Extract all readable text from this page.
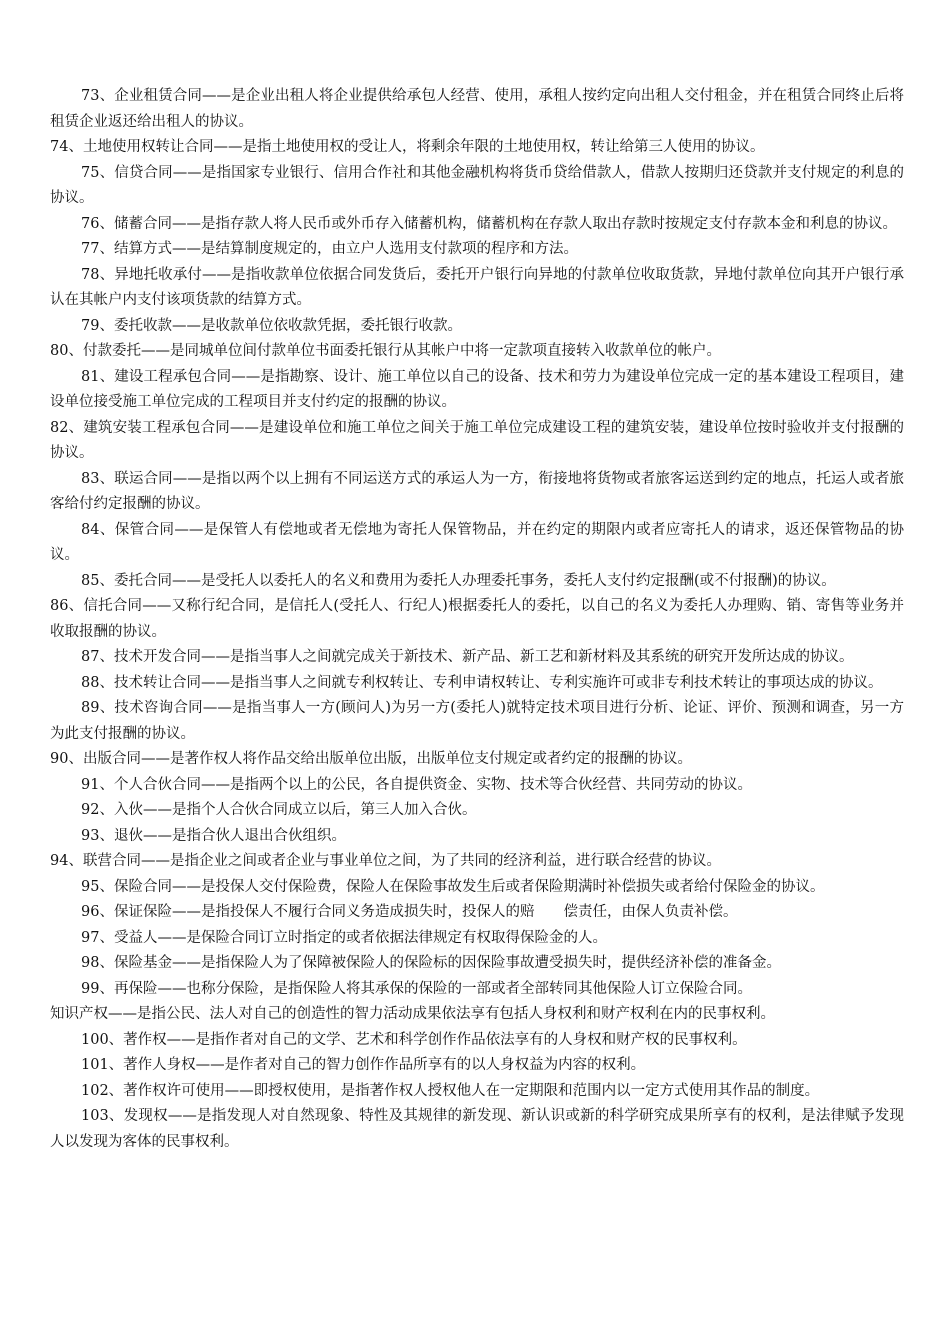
73、企业租赁合同——是企业出租人将企业提供给承包人经营、使用，承租人按约定向出租人交付租金，并在租赁合同终止后将租赁企业返还给出租人的协议。

74、土地使用权转让合同——是指土地使用权的受让人，将剩余年限的土地使用权，转让给第三人使用的协议。

75、信贷合同——是指国家专业银行、信用合作社和其他金融机构将货币贷给借款人，借款人按期归还贷款并支付规定的利息的协议。

76、储蓄合同——是指存款人将人民币或外币存入储蓄机构，储蓄机构在存款人取出存款时按规定支付存款本金和利息的协议。

77、结算方式——是结算制度规定的，由立户人选用支付款项的程序和方法。

78、异地托收承付——是指收款单位依据合同发货后，委托开户银行向异地的付款单位收取货款，异地付款单位向其开户银行承认在其帐户内支付该项货款的结算方式。

79、委托收款——是收款单位依收款凭据，委托银行收款。

80、付款委托——是同城单位间付款单位书面委托银行从其帐户中将一定款项直接转入收款单位的帐户。

81、建设工程承包合同——是指勘察、设计、施工单位以自己的设备、技术和劳力为建设单位完成一定的基本建设工程项目，建设单位接受施工单位完成的工程项目并支付约定的报酬的协议。

82、建筑安装工程承包合同——是建设单位和施工单位之间关于施工单位完成建设工程的建筑安装，建设单位按时验收并支付报酬的协议。

83、联运合同——是指以两个以上拥有不同运送方式的承运人为一方，衔接地将货物或者旅客运送到约定的地点，托运人或者旅客给付约定报酬的协议。

84、保管合同——是保管人有偿地或者无偿地为寄托人保管物品，并在约定的期限内或者应寄托人的请求，返还保管物品的协议。

85、委托合同——是受托人以委托人的名义和费用为委托人办理委托事务，委托人支付约定报酬(或不付报酬)的协议。

86、信托合同——又称行纪合同，是信托人(受托人、行纪人)根据委托人的委托，以自己的名义为委托人办理购、销、寄售等业务并收取报酬的协议。

87、技术开发合同——是指当事人之间就完成关于新技术、新产品、新工艺和新材料及其系统的研究开发所达成的协议。

88、技术转让合同——是指当事人之间就专利权转让、专利申请权转让、专利实施许可或非专利技术转让的事项达成的协议。

89、技术咨询合同——是指当事人一方(顾问人)为另一方(委托人)就特定技术项目进行分析、论证、评价、预测和调查，另一方为此支付报酬的协议。

90、出版合同——是著作权人将作品交给出版单位出版，出版单位支付规定或者约定的报酬的协议。

91、个人合伙合同——是指两个以上的公民，各自提供资金、实物、技术等合伙经营、共同劳动的协议。

92、入伙——是指个人合伙合同成立以后，第三人加入合伙。

93、退伙——是指合伙人退出合伙组织。

94、联营合同——是指企业之间或者企业与事业单位之间，为了共同的经济利益，进行联合经营的协议。

95、保险合同——是投保人交付保险费，保险人在保险事故发生后或者保险期满时补偿损失或者给付保险金的协议。

96、保证保险——是指投保人不履行合同义务造成损失时，投保人的赔　　偿责任，由保人负责补偿。

97、受益人——是保险合同订立时指定的或者依据法律规定有权取得保险金的人。

98、保险基金——是指保险人为了保障被保险人的保险标的因保险事故遭受损失时，提供经济补偿的准备金。

99、再保险——也称分保险，是指保险人将其承保的保险的一部或者全部转同其他保险人订立保险合同。

知识产权——是指公民、法人对自己的创造性的智力活动成果依法享有包括人身权利和财产权利在内的民事权利。

100、著作权——是指作者对自己的文学、艺术和科学创作作品依法享有的人身权和财产权的民事权利。

101、著作人身权——是作者对自己的智力创作作品所享有的以人身权益为内容的权利。

102、著作权许可使用——即授权使用，是指著作权人授权他人在一定期限和范围内以一定方式使用其作品的制度。

103、发现权——是指发现人对自然现象、特性及其规律的新发现、新认识或新的科学研究成果所享有的权利，是法律赋予发现人以发现为客体的民事权利。
